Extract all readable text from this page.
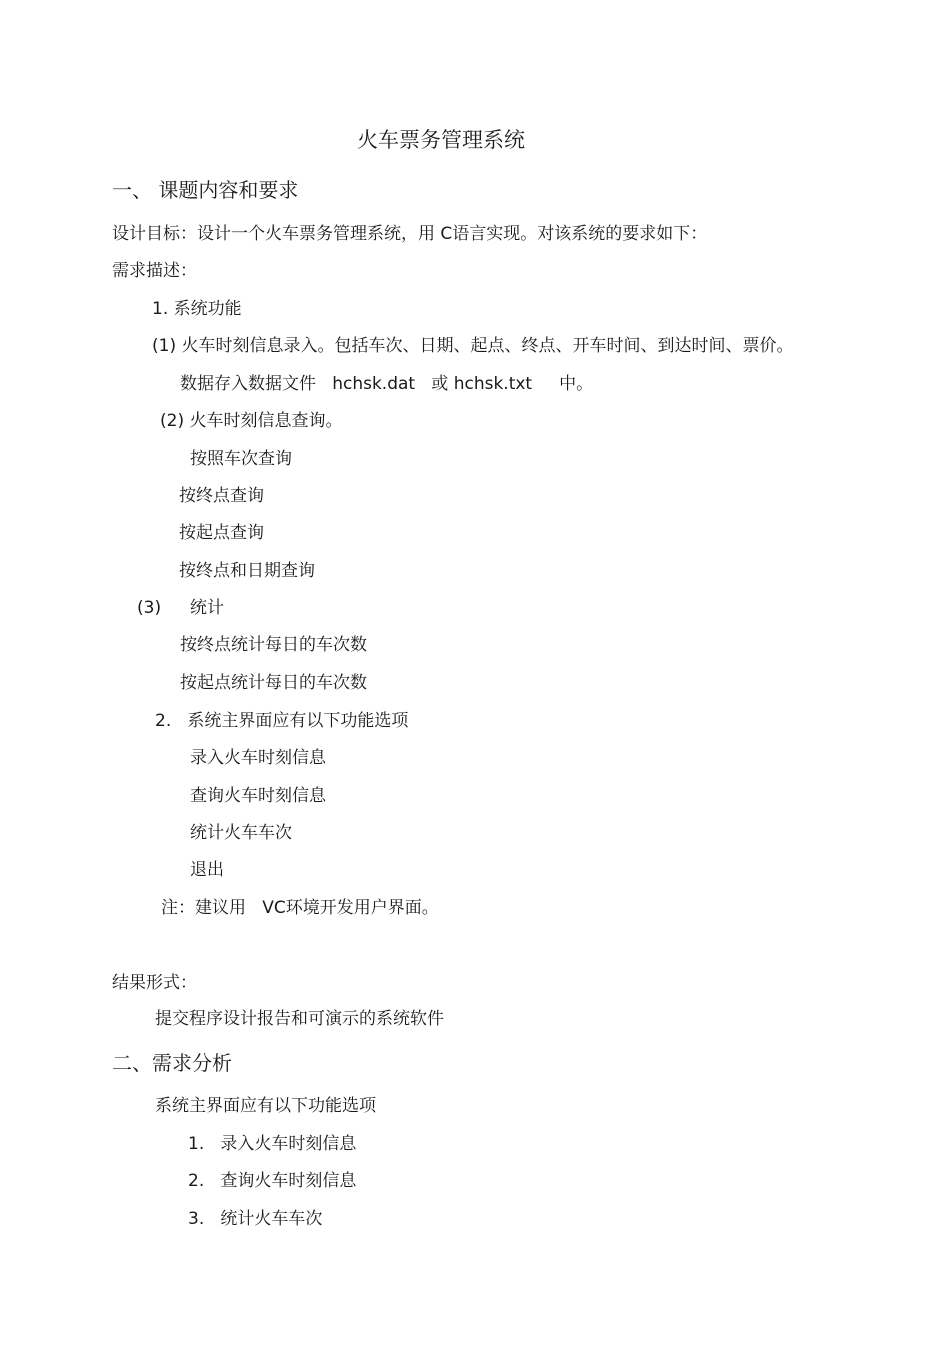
火车票务管理系统
一、 课题内容和要求
设计目标：设计一个火车票务管理系统，用 C语言实现。对该系统的要求如下：
需求描述：
1. 系统功能
(1) 火车时刻信息录入。包括车次、日期、起点、终点、开车时间、到达时间、票价。
数据存入数据文件   hchsk.dat   或 hchsk.txt     中。
(2) 火车时刻信息查询。
按照车次查询
按终点查询
按起点查询
按终点和日期查询
(3) 统计
按终点统计每日的车次数
按起点统计每日的车次数
2.   系统主界面应有以下功能选项
录入火车时刻信息
查询火车时刻信息
统计火车车次
退出
注：建议用   VC环境开发用户界面。
结果形式：
提交程序设计报告和可演示的系统软件
二、需求分析
系统主界面应有以下功能选项
1.   录入火车时刻信息
2.   查询火车时刻信息
3.   统计火车车次
